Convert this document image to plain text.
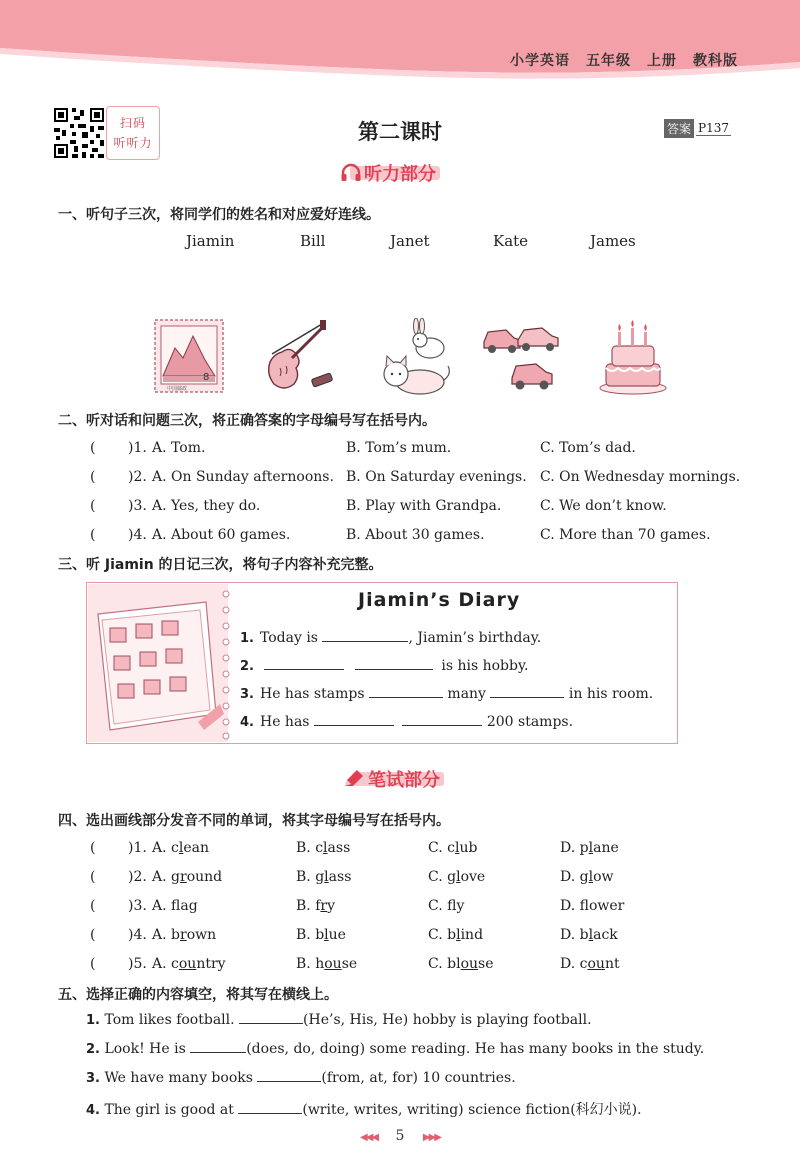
小学英语 五年级 上册 教科版
扫码
听听力	第二课时	答案 P137
听力部分
一、听句子三次，将同学们的姓名和对应爱好连线。
Jiamin	Bill	Janet	Kate	James
中国邮政
8
二、听对话和问题三次，将正确答案的字母编号写在括号内。
( )1. A. Tom.	B. Tom’s mum.	C. Tom’s dad.
( )2. A. On Sunday afternoons. B. On Saturday evenings. C. On Wednesday mornings.
( )3. A. Yes, they do.	B. Play with Grandpa.	C. We don’t know.
( )4. A. About 60 games.	B. About 30 games.	C. More than 70 games.
三、听 Jiamin 的日记三次，将句子内容补充完整。
Jiamin’s Diary
1. Today is	, Jiamin’s birthday.
2.	is his hobby.
3. He has stamps	many	in his room.
4. He has	200 stamps.
笔试部分
四、选出画线部分发音不同的单词，将其字母编号写在括号内。
( )1. A. clean	B. class	C. club	D. plane
( )2. A. ground	B. glass	C. glove	D. glow
( )3. A. fag	B. fry	C. fy	D. fower
( )4. A. brown	B. blue	C. blind	D. black
( )5. A. country	B. house	C. blouse	D. count
五、选择正确的内容填空，将其写在横线上。
1. Tom likes football.	(He’s, His, He) hobby is playing football.
2. Look! He is	(does, do, doing) some reading. He has many books in the study.
3. We have many books	(from, at, for) 10 countries.
4. The girl is good at	(write, writes, writing) science fiction(科幻小说).
◀◀◀ 5 ▶▶▶
